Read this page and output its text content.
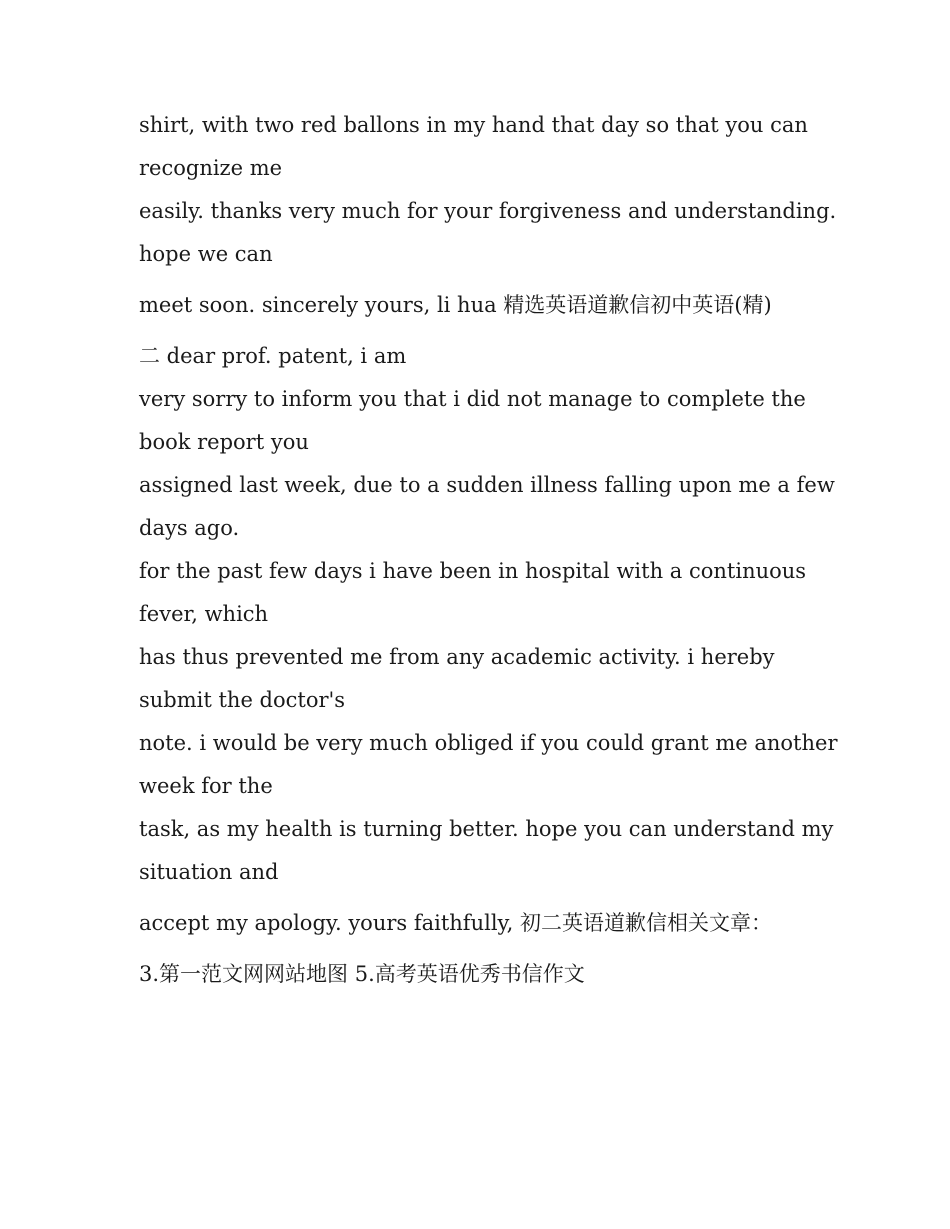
shirt, with two red ballons in my hand that day so that you can

recognize me

easily. thanks very much for your forgiveness and understanding.

hope we can

meet soon. sincerely yours, li hua 精选英语道歉信初中英语(精)

二 dear prof. patent, i am

very sorry to inform you that i did not manage to complete the

book report you

assigned last week, due to a sudden illness falling upon me a few

days ago.

for the past few days i have been in hospital with a continuous

fever, which

has thus prevented me from any academic activity. i hereby

submit the doctor's

note. i would be very much obliged if you could grant me another

week for the

task, as my health is turning better. hope you can understand my

situation and

accept my apology. yours faithfully, 初二英语道歉信相关文章：

3.第一范文网网站地图 5.高考英语优秀书信作文
